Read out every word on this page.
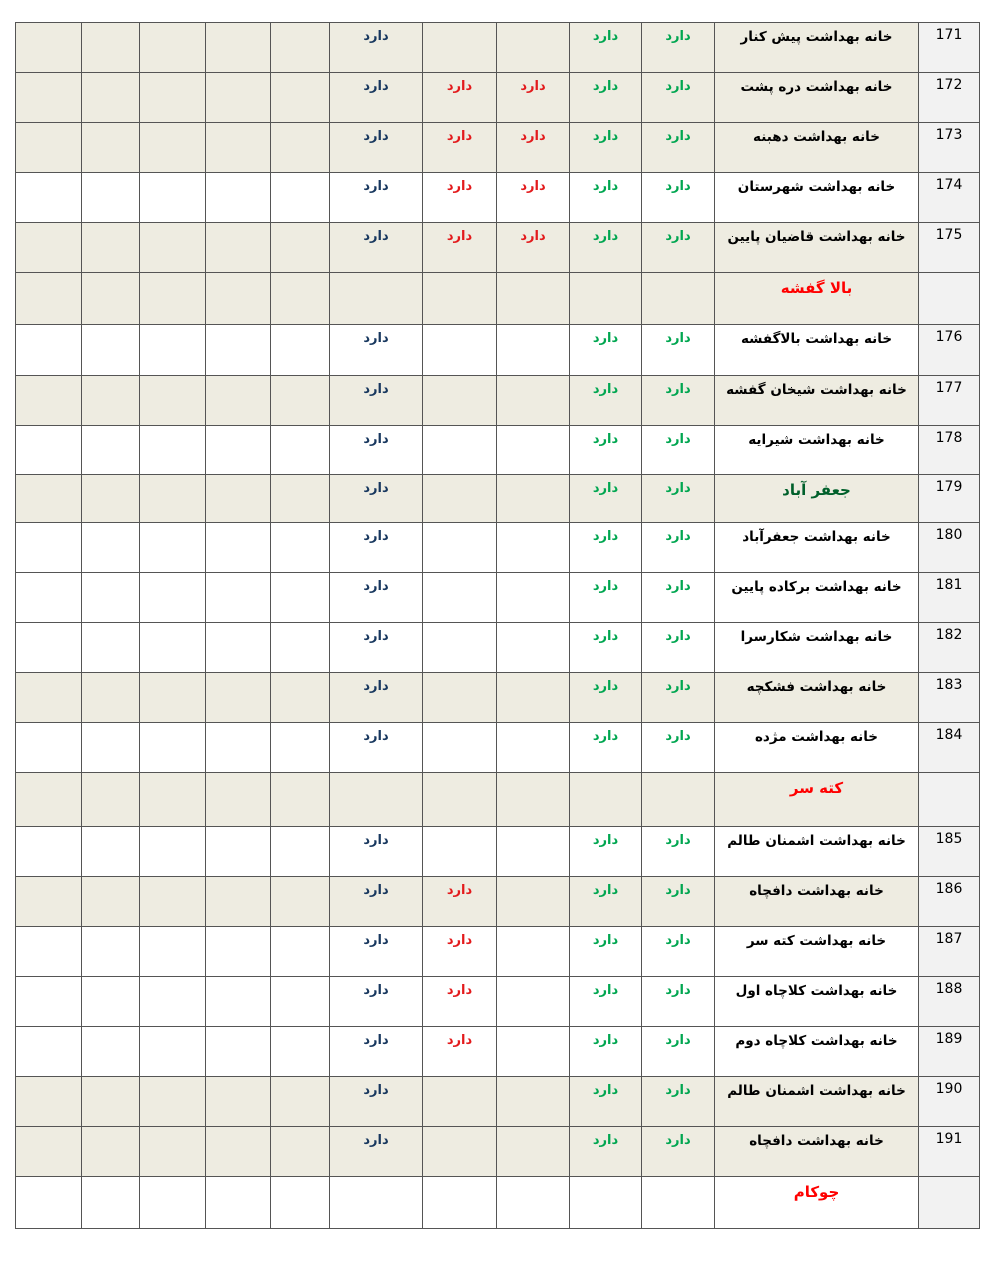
					دارد			دارد	دارد	خانه بهداشت پیش کنار	171
					دارد	دارد	دارد	دارد	دارد	خانه بهداشت دره پشت	172
					دارد	دارد	دارد	دارد	دارد	خانه بهداشت دهبنه	173
					دارد	دارد	دارد	دارد	دارد	خانه بهداشت شهرستان	174
					دارد	دارد	دارد	دارد	دارد	خانه بهداشت قاضیان پایین	175
										بالا گفشه	
					دارد			دارد	دارد	خانه بهداشت بالاگفشه	176
					دارد			دارد	دارد	خانه بهداشت شیخان گفشه	177
					دارد			دارد	دارد	خانه بهداشت شیرایه	178
					دارد			دارد	دارد	جعفر آباد	179
					دارد			دارد	دارد	خانه بهداشت جعفرآباد	180
					دارد			دارد	دارد	خانه بهداشت برکاده پایین	181
					دارد			دارد	دارد	خانه بهداشت شکارسرا	182
					دارد			دارد	دارد	خانه بهداشت فشکچه	183
					دارد			دارد	دارد	خانه بهداشت مژده	184
										کته سر	
					دارد			دارد	دارد	خانه بهداشت اشمنان طالم	185
					دارد	دارد		دارد	دارد	خانه بهداشت دافچاه	186
					دارد	دارد		دارد	دارد	خانه بهداشت کته سر	187
					دارد	دارد		دارد	دارد	خانه بهداشت کلاچاه اول	188
					دارد	دارد		دارد	دارد	خانه بهداشت کلاچاه دوم	189
					دارد			دارد	دارد	خانه بهداشت اشمنان طالم	190
					دارد			دارد	دارد	خانه بهداشت دافچاه	191
										چوکام	
